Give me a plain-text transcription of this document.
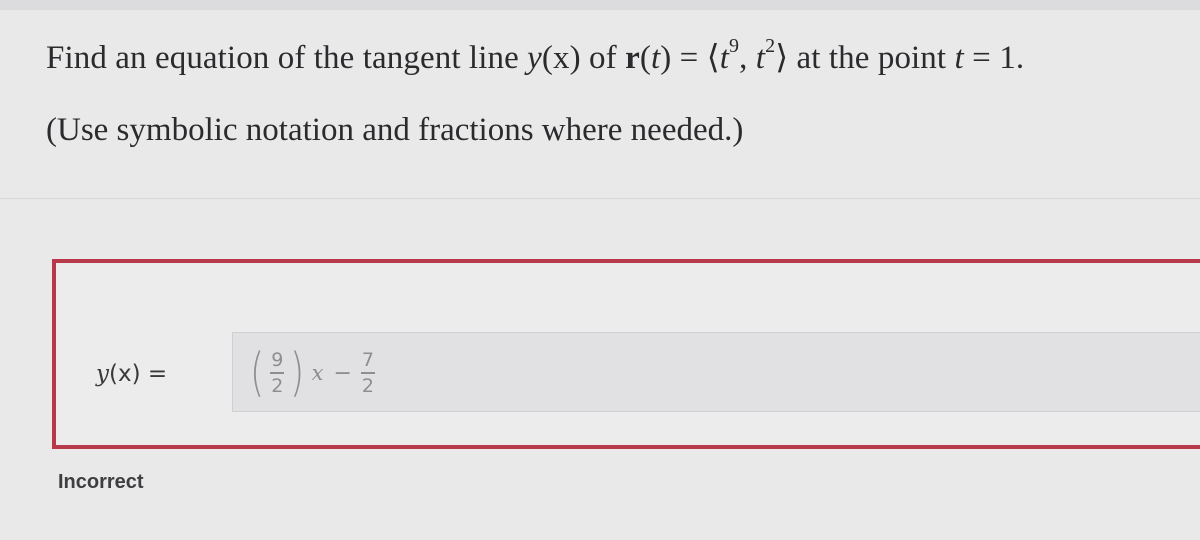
Find an equation of the tangent line y(x) of $r(t) = ⟨t^9$, $t^2⟩$ at the point t = 1.
(Use symbolic notation and fractions where needed.)
y(x) = ( $\frac{9}{2}$ ) $x - \frac{7}{2}$
Incorrect
